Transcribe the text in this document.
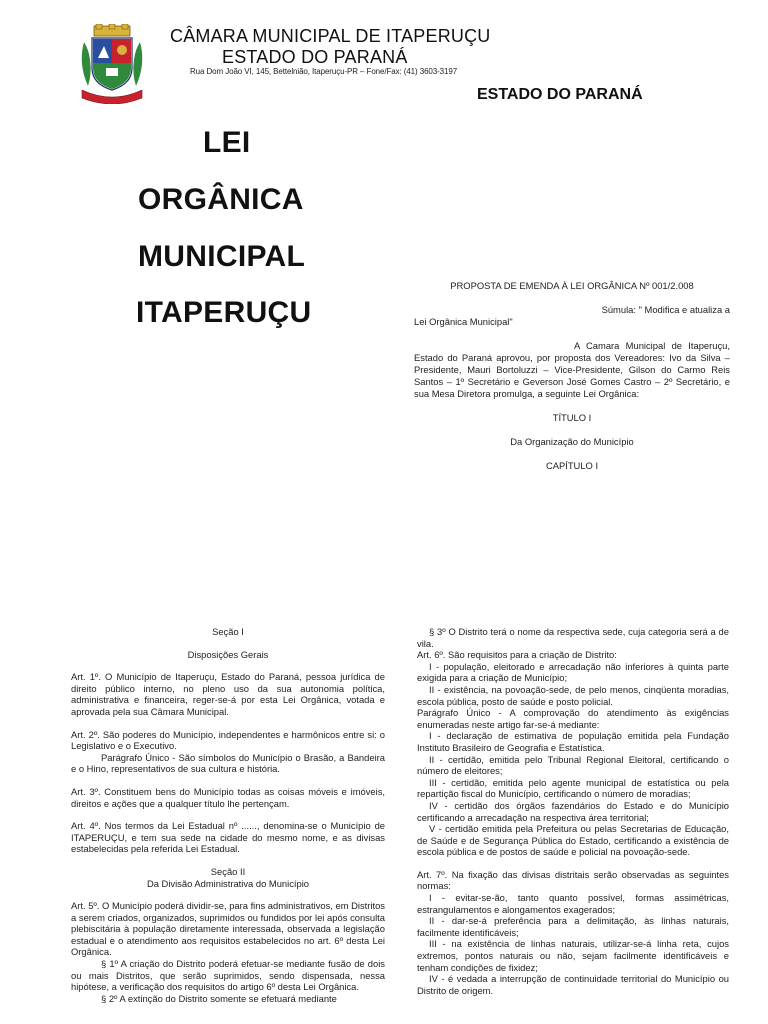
CÂMARA MUNICIPAL DE ITAPERUÇU
ESTADO DO PARANÁ
Rua Dom João VI, 145, Bettelnião, Itaperuçu-PR – Fone/Fax: (41) 3603-3197
ESTADO DO PARANÁ
LEI
ORGÂNICA
MUNICIPAL
ITAPERUÇU

PROPOSTA DE EMENDA À LEI ORGÂNICA Nº 001/2.008

Súmula: " Modifica e atualiza a

Lei Orgânica Municipal"

A Camara Municipal de Itaperuçu, Estado do Paraná aprovou, por proposta dos Vereadores: Ivo da Silva – Presidente, Mauri Bortoluzzi – Vice-Presidente, Gilson do Carmo Reis Santos – 1º Secretário e Geverson José Gomes Castro – 2º Secretário, e sua Mesa Diretora promulga, a seguinte Lei Orgânica:

TÍTULO I

Da Organização do Município

CAPÍTULO I

Seção I

Disposições Gerais

Art. 1º. O Município de Itaperuçu, Estado do Paraná, pessoa jurídica de direito público interno, no pleno uso da sua autonomia política, administrativa e financeira, reger-se-á por esta Lei Orgânica, votada e aprovada pela sua Câmara Municipal.

Art. 2º. São poderes do Município, independentes e harmônicos entre si: o Legislativo e o Executivo.

Parágrafo Único - São símbolos do Município o Brasão, a Bandeira e o Hino, representativos de sua cultura e história.

Art. 3º. Constituem bens do Município todas as coisas móveis e imóveis, direitos e ações que a qualquer título lhe pertençam.

Art. 4º. Nos termos da Lei Estadual nº ......, denomina-se o Município de ITAPERUÇU, e tem sua sede na cidade do mesmo nome, e as divisas estabelecidas pela referida Lei Estadual.

Seção II

Da Divisão Administrativa do Município

Art. 5º. O Município poderá dividir-se, para fins administrativos, em Distritos a serem criados, organizados, suprimidos ou fundidos por lei após consulta plebiscitária à população diretamente interessada, observada a legislação estadual e o atendimento aos requisitos estabelecidos no art. 6º desta Lei Orgânica.

§ 1º A criação do Distrito poderá efetuar-se mediante fusão de dois ou mais Distritos, que serão suprimidos, sendo dispensada, nessa hipótese, a verificação dos requisitos do artigo 6º desta Lei Orgânica.

§ 2º A extinção do Distrito somente se efetuará mediante

§ 3º O Distrito terá o nome da respectiva sede, cuja categoria será a de vila.

Art. 6º. São requisitos para a criação de Distrito:

I - população, eleitorado e arrecadação não inferiores à quinta parte exigida para a criação de Município;

II - existência, na povoação-sede, de pelo menos, cinqüenta moradias, escola pública, posto de saúde e posto policial.

Parágrafo Único - A comprovação do atendimento às exigências enumeradas neste artigo far-se-á mediante:

I - declaração de estimativa de população emitida pela Fundação Instituto Brasileiro de Geografia e Estatística.

II - certidão, emitida pelo Tribunal Regional Eleitoral, certificando o número de eleitores;

III - certidão, emitida pelo agente municipal de estatística ou pela repartição fiscal do Município, certificando o número de moradias;

IV - certidão dos órgãos fazendários do Estado e do Município certificando a arrecadação na respectiva área territorial;

V - certidão emitida pela Prefeitura ou pelas Secretarias de Educação, de Saúde e de Segurança Pública do Estado, certificando a existência de escola pública e de postos de saúde e policial na povoação-sede.

Art. 7º. Na fixação das divisas distritais serão observadas as seguintes normas:

I - evitar-se-ão, tanto quanto possível, formas assimétricas, estrangulamentos e alongamentos exagerados;

II - dar-se-á preferência para a delimitação, às linhas naturais, facilmente identificáveis;

III - na existência de linhas naturais, utilizar-se-á linha reta, cujos extremos, pontos naturais ou não, sejam facilmente identificáveis e tenham condições de fixidez;

IV - é vedada a interrupção de continuidade territorial do Município ou Distrito de origem.
